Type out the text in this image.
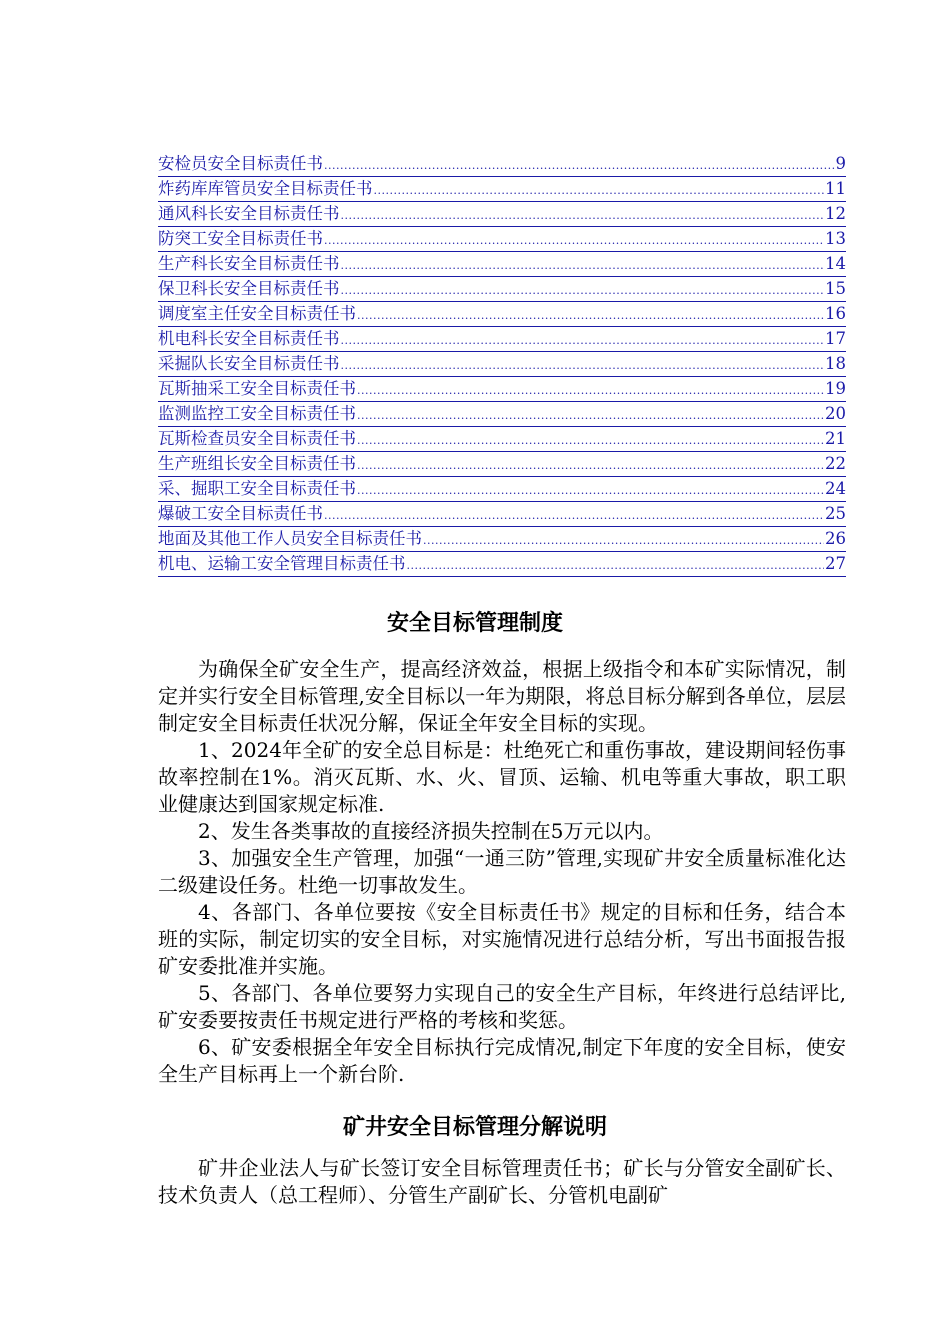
安检员安全目标责任书 .....	9
炸药库库管员安全目标责任书 .....	11
通风科长安全目标责任书 .....	12
防突工安全目标责任书 .....	13
生产科长安全目标责任书 .....	14
保卫科长安全目标责任书 .....	15
调度室主任安全目标责任书 .....	16
机电科长安全目标责任书 .....	17
采掘队长安全目标责任书 .....	18
瓦斯抽采工安全目标责任书 .....	19
监测监控工安全目标责任书 .....	20
瓦斯检查员安全目标责任书 .....	21
生产班组长安全目标责任书 .....	22
采、掘职工安全目标责任书 .....	24
爆破工安全目标责任书 .....	25
地面及其他工作人员安全目标责任书 .....	26
机电、运输工安全管理目标责任书 .....	27
安全目标管理制度

为确保全矿安全生产，提高经济效益，根据上级指令和本矿实际情况，制定并实行安全目标管理,安全目标以一年为期限，将总目标分解到各单位，层层制定安全目标责任状况分解，保证全年安全目标的实现。

1、2024年全矿的安全总目标是：杜绝死亡和重伤事故，建设期间轻伤事故率控制在1%。消灭瓦斯、水、火、冒顶、运输、机电等重大事故，职工职业健康达到国家规定标准.

2、发生各类事故的直接经济损失控制在5万元以内。

3、加强安全生产管理，加强“一通三防”管理,实现矿井安全质量标准化达二级建设任务。杜绝一切事故发生。

4、各部门、各单位要按《安全目标责任书》规定的目标和任务，结合本班的实际，制定切实的安全目标，对实施情况进行总结分析，写出书面报告报矿安委批准并实施。

5、各部门、各单位要努力实现自己的安全生产目标，年终进行总结评比,矿安委要按责任书规定进行严格的考核和奖惩。

6、矿安委根据全年安全目标执行完成情况,制定下年度的安全目标，使安全生产目标再上一个新台阶.

矿井安全目标管理分解说明

矿井企业法人与矿长签订安全目标管理责任书；矿长与分管安全副矿长、技术负责人（总工程师）、分管生产副矿长、分管机电副矿
